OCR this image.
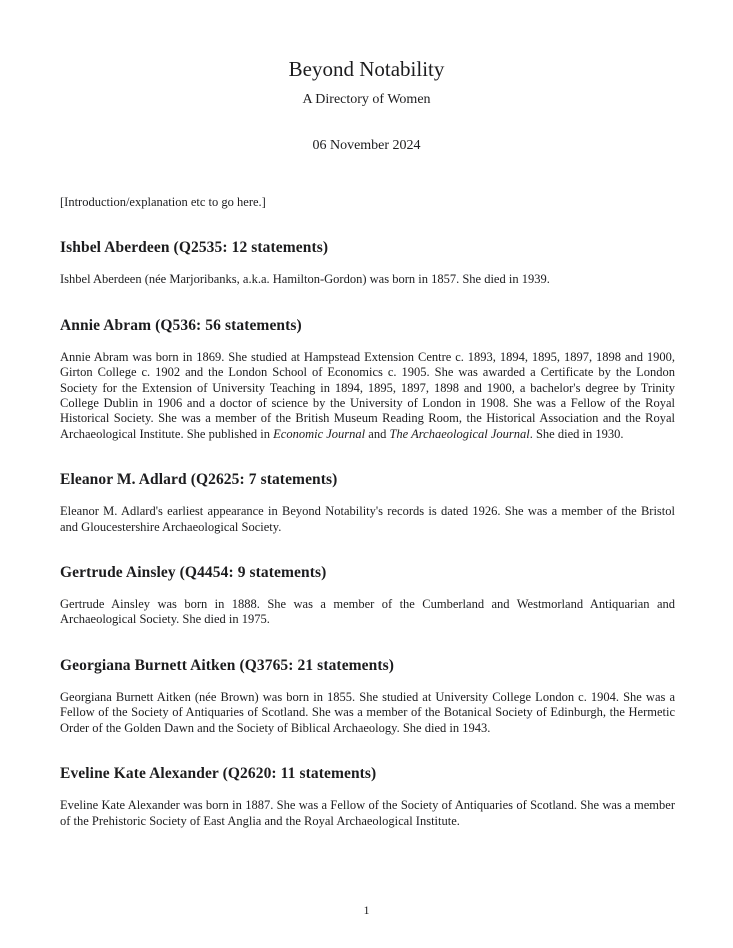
Beyond Notability
A Directory of Women
06 November 2024

[Introduction/explanation etc to go here.]

Ishbel Aberdeen (Q2535: 12 statements)

Ishbel Aberdeen (née Marjoribanks, a.k.a. Hamilton-Gordon) was born in 1857. She died in 1939.

Annie Abram (Q536: 56 statements)

Annie Abram was born in 1869. She studied at Hampstead Extension Centre c. 1893, 1894, 1895, 1897, 1898 and 1900, Girton College c. 1902 and the London School of Economics c. 1905. She was awarded a Certificate by the London Society for the Extension of University Teaching in 1894, 1895, 1897, 1898 and 1900, a bachelor's degree by Trinity College Dublin in 1906 and a doctor of science by the University of London in 1908. She was a Fellow of the Royal Historical Society. She was a member of the British Museum Reading Room, the Historical Association and the Royal Archaeological Institute. She published in Economic Journal and The Archaeological Journal. She died in 1930.

Eleanor M. Adlard (Q2625: 7 statements)

Eleanor M. Adlard's earliest appearance in Beyond Notability's records is dated 1926. She was a member of the Bristol and Gloucestershire Archaeological Society.

Gertrude Ainsley (Q4454: 9 statements)

Gertrude Ainsley was born in 1888. She was a member of the Cumberland and Westmorland Antiquarian and Archaeological Society. She died in 1975.

Georgiana Burnett Aitken (Q3765: 21 statements)

Georgiana Burnett Aitken (née Brown) was born in 1855. She studied at University College London c. 1904. She was a Fellow of the Society of Antiquaries of Scotland. She was a member of the Botanical Society of Edinburgh, the Hermetic Order of the Golden Dawn and the Society of Biblical Archaeology. She died in 1943.

Eveline Kate Alexander (Q2620: 11 statements)

Eveline Kate Alexander was born in 1887. She was a Fellow of the Society of Antiquaries of Scotland. She was a member of the Prehistoric Society of East Anglia and the Royal Archaeological Institute.

1
